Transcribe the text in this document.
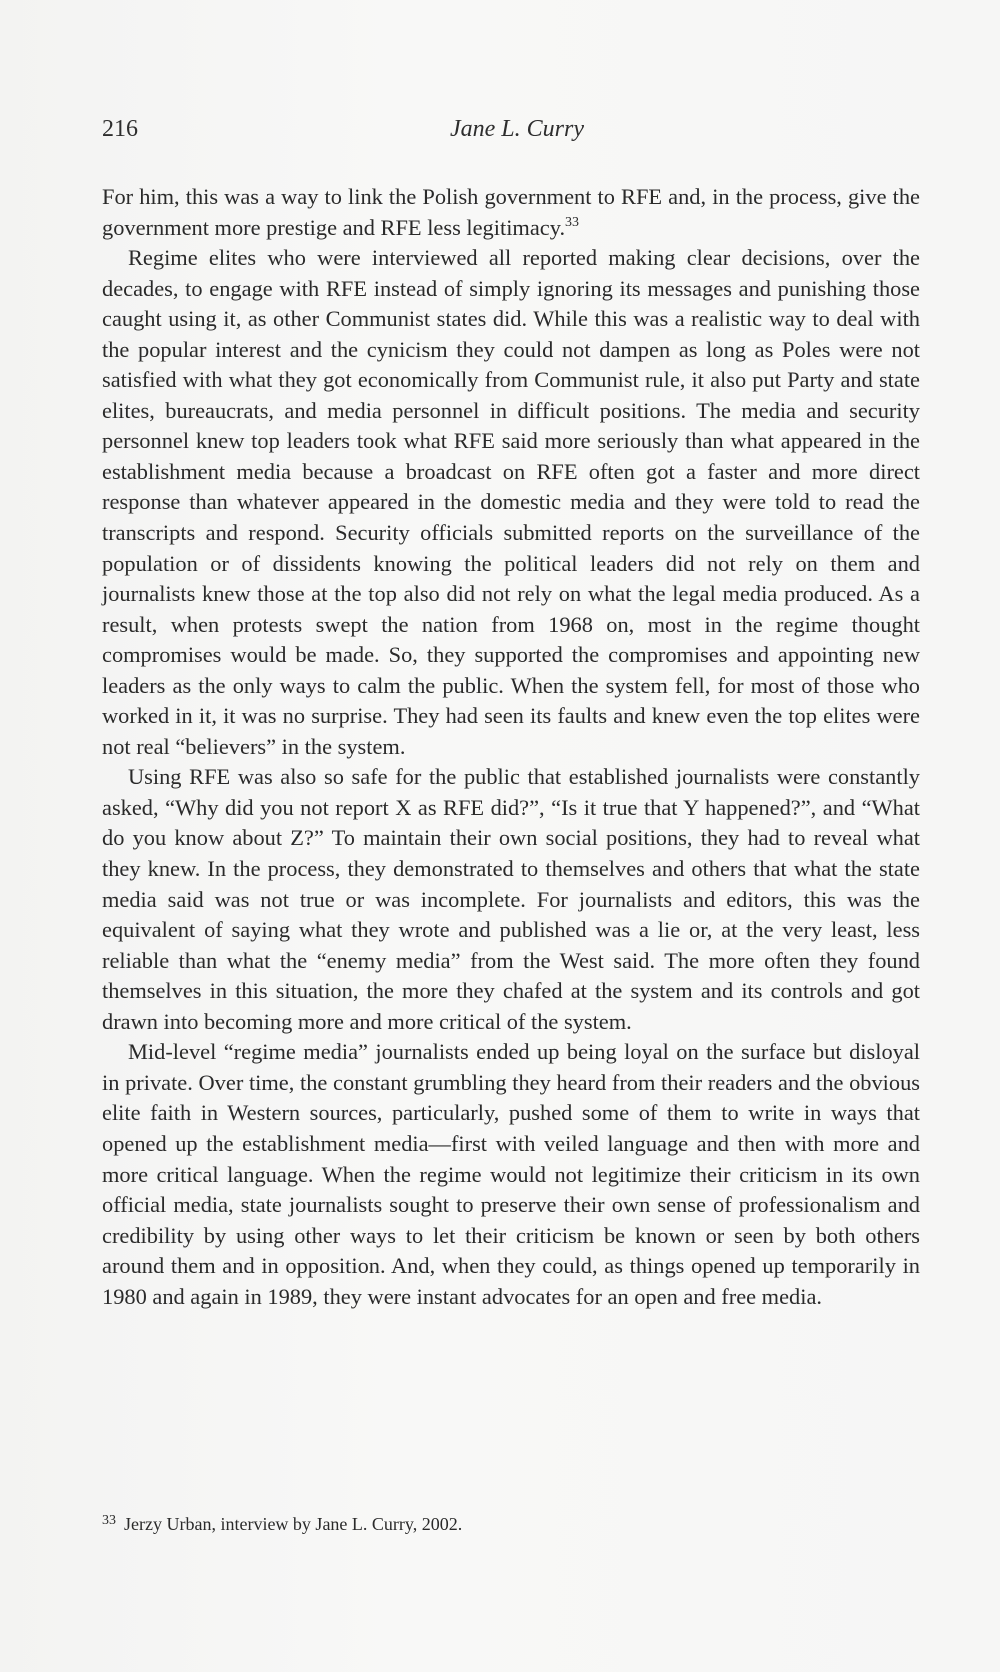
216	Jane L. Curry

For him, this was a way to link the Polish government to RFE and, in the process, give the government more prestige and RFE less legitimacy.$^{33}$

Regime elites who were interviewed all reported making clear decisions, over the decades, to engage with RFE instead of simply ignoring its messages and punishing those caught using it, as other Communist states did. While this was a realistic way to deal with the popular interest and the cynicism they could not dampen as long as Poles were not satisfied with what they got economically from Communist rule, it also put Party and state elites, bureaucrats, and media personnel in difficult positions. The media and security personnel knew top leaders took what RFE said more seriously than what appeared in the establishment media because a broadcast on RFE often got a faster and more direct response than whatever appeared in the domestic media and they were told to read the transcripts and respond. Security officials submitted reports on the surveillance of the population or of dissidents knowing the political leaders did not rely on them and journalists knew those at the top also did not rely on what the legal media produced. As a result, when protests swept the nation from 1968 on, most in the regime thought compromises would be made. So, they supported the compromises and appointing new leaders as the only ways to calm the public. When the system fell, for most of those who worked in it, it was no surprise. They had seen its faults and knew even the top elites were not real “believers” in the system.

Using RFE was also so safe for the public that established journalists were constantly asked, “Why did you not report X as RFE did?”, “Is it true that Y happened?”, and “What do you know about Z?” To maintain their own social positions, they had to reveal what they knew. In the process, they demonstrated to themselves and others that what the state media said was not true or was incomplete. For journalists and editors, this was the equivalent of saying what they wrote and published was a lie or, at the very least, less reliable than what the “enemy media” from the West said. The more often they found themselves in this situation, the more they chafed at the system and its controls and got drawn into becoming more and more critical of the system.

Mid-level “regime media” journalists ended up being loyal on the surface but disloyal in private. Over time, the constant grumbling they heard from their readers and the obvious elite faith in Western sources, particularly, pushed some of them to write in ways that opened up the establishment media—first with veiled language and then with more and more critical language. When the regime would not legitimize their criticism in its own official media, state journalists sought to preserve their own sense of professionalism and credibility by using other ways to let their criticism be known or seen by both others around them and in opposition. And, when they could, as things opened up temporarily in 1980 and again in 1989, they were instant advocates for an open and free media.

$^{33}$ Jerzy Urban, interview by Jane L. Curry, 2002.
